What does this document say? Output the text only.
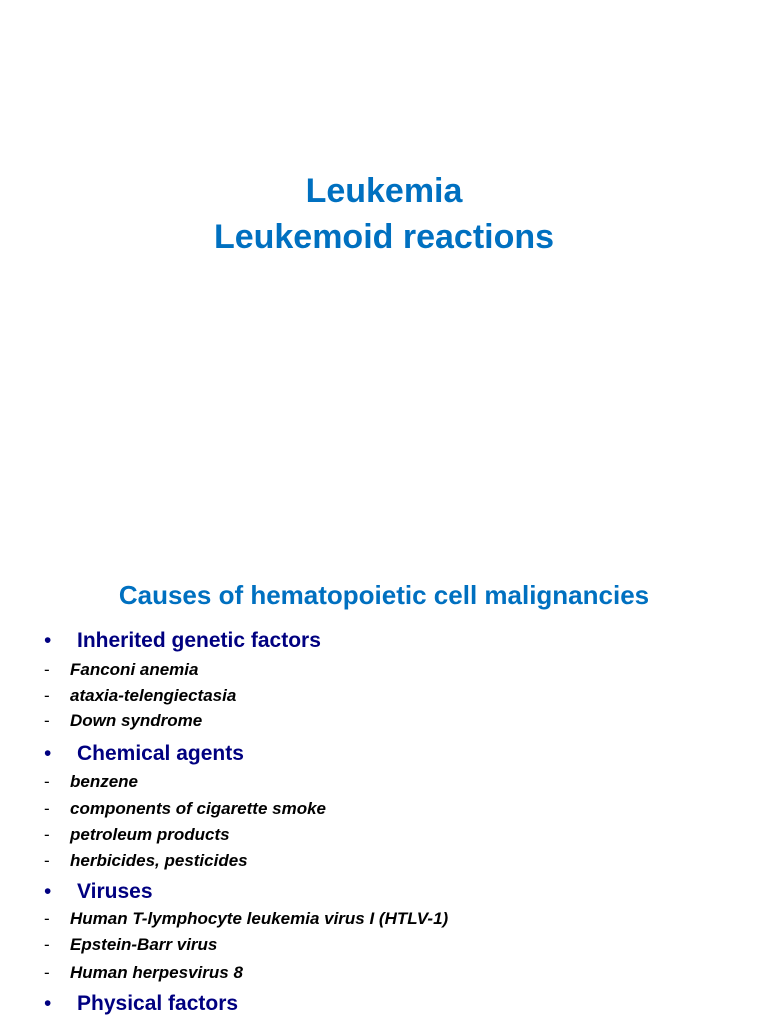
Leukemia
Leukemoid reactions
Causes of hematopoietic cell malignancies
• Inherited genetic factors
- Fanconi anemia
- ataxia-telengiectasia
- Down syndrome
• Chemical agents
- benzene
- components of cigarette smoke
- petroleum products
- herbicides, pesticides
• Viruses
- Human T-lymphocyte leukemia virus I (HTLV-1)
- Epstein-Barr virus
- Human herpesvirus 8
• Physical factors
